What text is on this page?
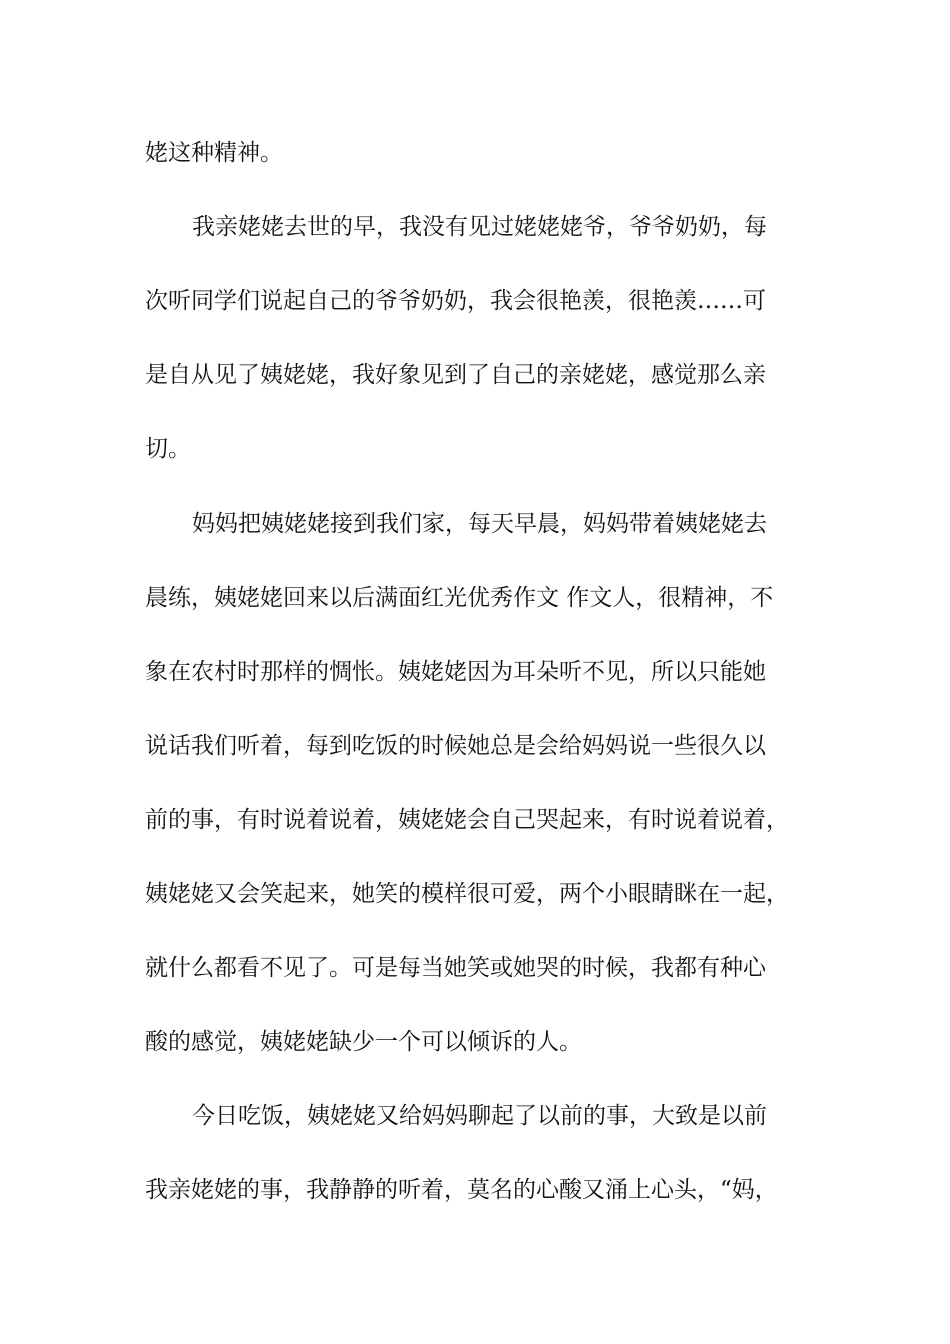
姥这种精神。
我亲姥姥去世的早，我没有见过姥姥姥爷，爷爷奶奶，每
次听同学们说起自己的爷爷奶奶，我会很艳羡，很艳羡……可
是自从见了姨姥姥，我好象见到了自己的亲姥姥，感觉那么亲
切。
妈妈把姨姥姥接到我们家，每天早晨，妈妈带着姨姥姥去
晨练，姨姥姥回来以后满面红光优秀作文 作文人，很精神，不
象在农村时那样的惆怅。姨姥姥因为耳朵听不见，所以只能她
说话我们听着，每到吃饭的时候她总是会给妈妈说一些很久以
前的事，有时说着说着，姨姥姥会自己哭起来，有时说着说着，
姨姥姥又会笑起来，她笑的模样很可爱，两个小眼睛眯在一起，
就什么都看不见了。可是每当她笑或她哭的时候，我都有种心
酸的感觉，姨姥姥缺少一个可以倾诉的人。
今日吃饭，姨姥姥又给妈妈聊起了以前的事，大致是以前
我亲姥姥的事，我静静的听着，莫名的心酸又涌上心头，“妈，
